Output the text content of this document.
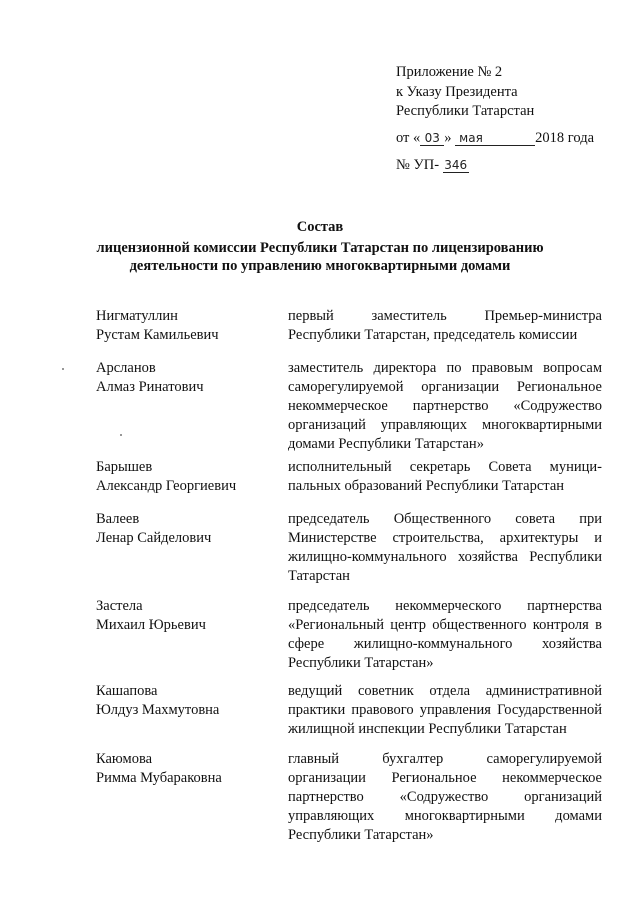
Приложение № 2
к Указу Президента
Республики Татарстан
от « 03 » мая	2018 года
№ УП- 346
Состав
лицензионной комиссии Республики Татарстан по лицензированию
деятельности по управлению многоквартирными домами
Нигматуллин
Рустам Камильевич
первый заместитель Премьер-министра Республики Татарстан, председатель комиссии
Арсланов
Алмаз Ринатович
заместитель директора по правовым вопросам саморегулируемой организации Региональное некоммерческое партнерство «Содружество организаций управляющих многоквартирными домами Республики Татарстан»
Барышев
Александр Георгиевич
исполнительный секретарь Совета муниципальных образований Республики Татарстан
Валеев
Ленар Сайделович
председатель Общественного совета при Министерстве строительства, архитектуры и жилищно-коммунального хозяйства Республики Татарстан
Застела
Михаил Юрьевич
председатель некоммерческого партнерства «Региональный центр общественного контроля в сфере жилищно-коммунального хозяйства Республики Татарстан»
Кашапова
Юлдуз Махмутовна
ведущий советник отдела административной практики правового управления Государственной жилищной инспекции Республики Татарстан
Каюмова
Римма Мубараковна
главный бухгалтер саморегулируемой организации Региональное некоммерческое партнерство «Содружество организаций управляющих многоквартирными домами Республики Татарстан»
